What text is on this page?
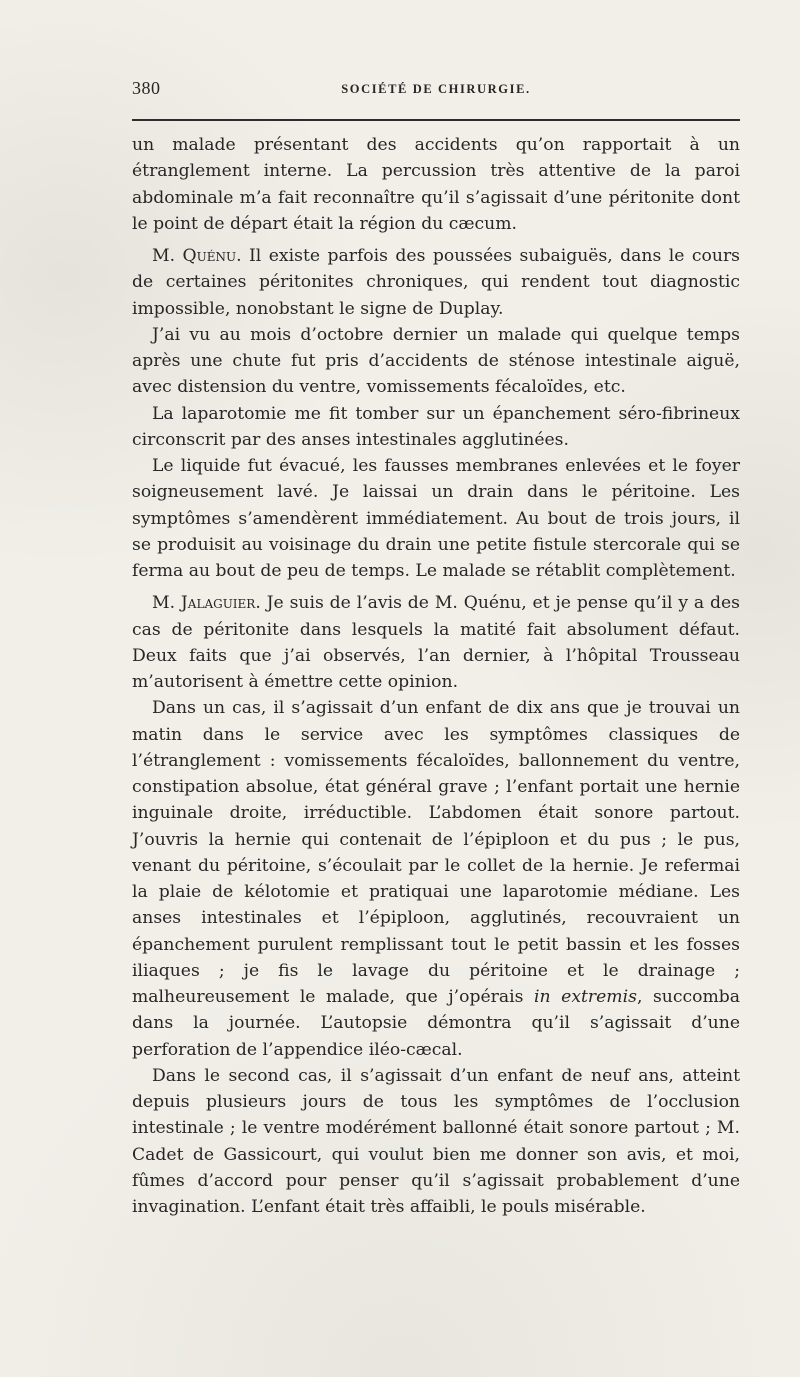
380	SOCIÉTÉ DE CHIRURGIE.

un malade présentant des accidents qu’on rapportait à un étranglement interne. La percussion très attentive de la paroi abdominale m’a fait reconnaître qu’il s’agissait d’une péritonite dont le point de départ était la région du cæcum.

M. Quénu. Il existe parfois des poussées subaiguës, dans le cours de certaines péritonites chroniques, qui rendent tout diagnostic impossible, nonobstant le signe de Duplay.

J’ai vu au mois d’octobre dernier un malade qui quelque temps après une chute fut pris d’accidents de sténose intestinale aiguë, avec distension du ventre, vomissements fécaloïdes, etc.

La laparotomie me fit tomber sur un épanchement séro-fibrineux circonscrit par des anses intestinales agglutinées.

Le liquide fut évacué, les fausses membranes enlevées et le foyer soigneusement lavé. Je laissai un drain dans le péritoine. Les symptômes s’amendèrent immédiatement. Au bout de trois jours, il se produisit au voisinage du drain une petite fistule stercorale qui se ferma au bout de peu de temps. Le malade se rétablit complètement.

M. Jalaguier. Je suis de l’avis de M. Quénu, et je pense qu’il y a des cas de péritonite dans lesquels la matité fait absolument défaut. Deux faits que j’ai observés, l’an dernier, à l’hôpital Trousseau m’autorisent à émettre cette opinion.

Dans un cas, il s’agissait d’un enfant de dix ans que je trouvai un matin dans le service avec les symptômes classiques de l’étranglement : vomissements fécaloïdes, ballonnement du ventre, constipation absolue, état général grave ; l’enfant portait une hernie inguinale droite, irréductible. L’abdomen était sonore partout. J’ouvris la hernie qui contenait de l’épiploon et du pus ; le pus, venant du péritoine, s’écoulait par le collet de la hernie. Je refermai la plaie de kélotomie et pratiquai une laparotomie médiane. Les anses intestinales et l’épiploon, agglutinés, recouvraient un épanchement purulent remplissant tout le petit bassin et les fosses iliaques ; je fis le lavage du péritoine et le drainage ; malheureusement le malade, que j’opérais in extremis, succomba dans la journée. L’autopsie démontra qu’il s’agissait d’une perforation de l’appendice iléo-cæcal.

Dans le second cas, il s’agissait d’un enfant de neuf ans, atteint depuis plusieurs jours de tous les symptômes de l’occlusion intestinale ; le ventre modérément ballonné était sonore partout ; M. Cadet de Gassicourt, qui voulut bien me donner son avis, et moi, fûmes d’accord pour penser qu’il s’agissait probablement d’une invagination. L’enfant était très affaibli, le pouls misérable.
